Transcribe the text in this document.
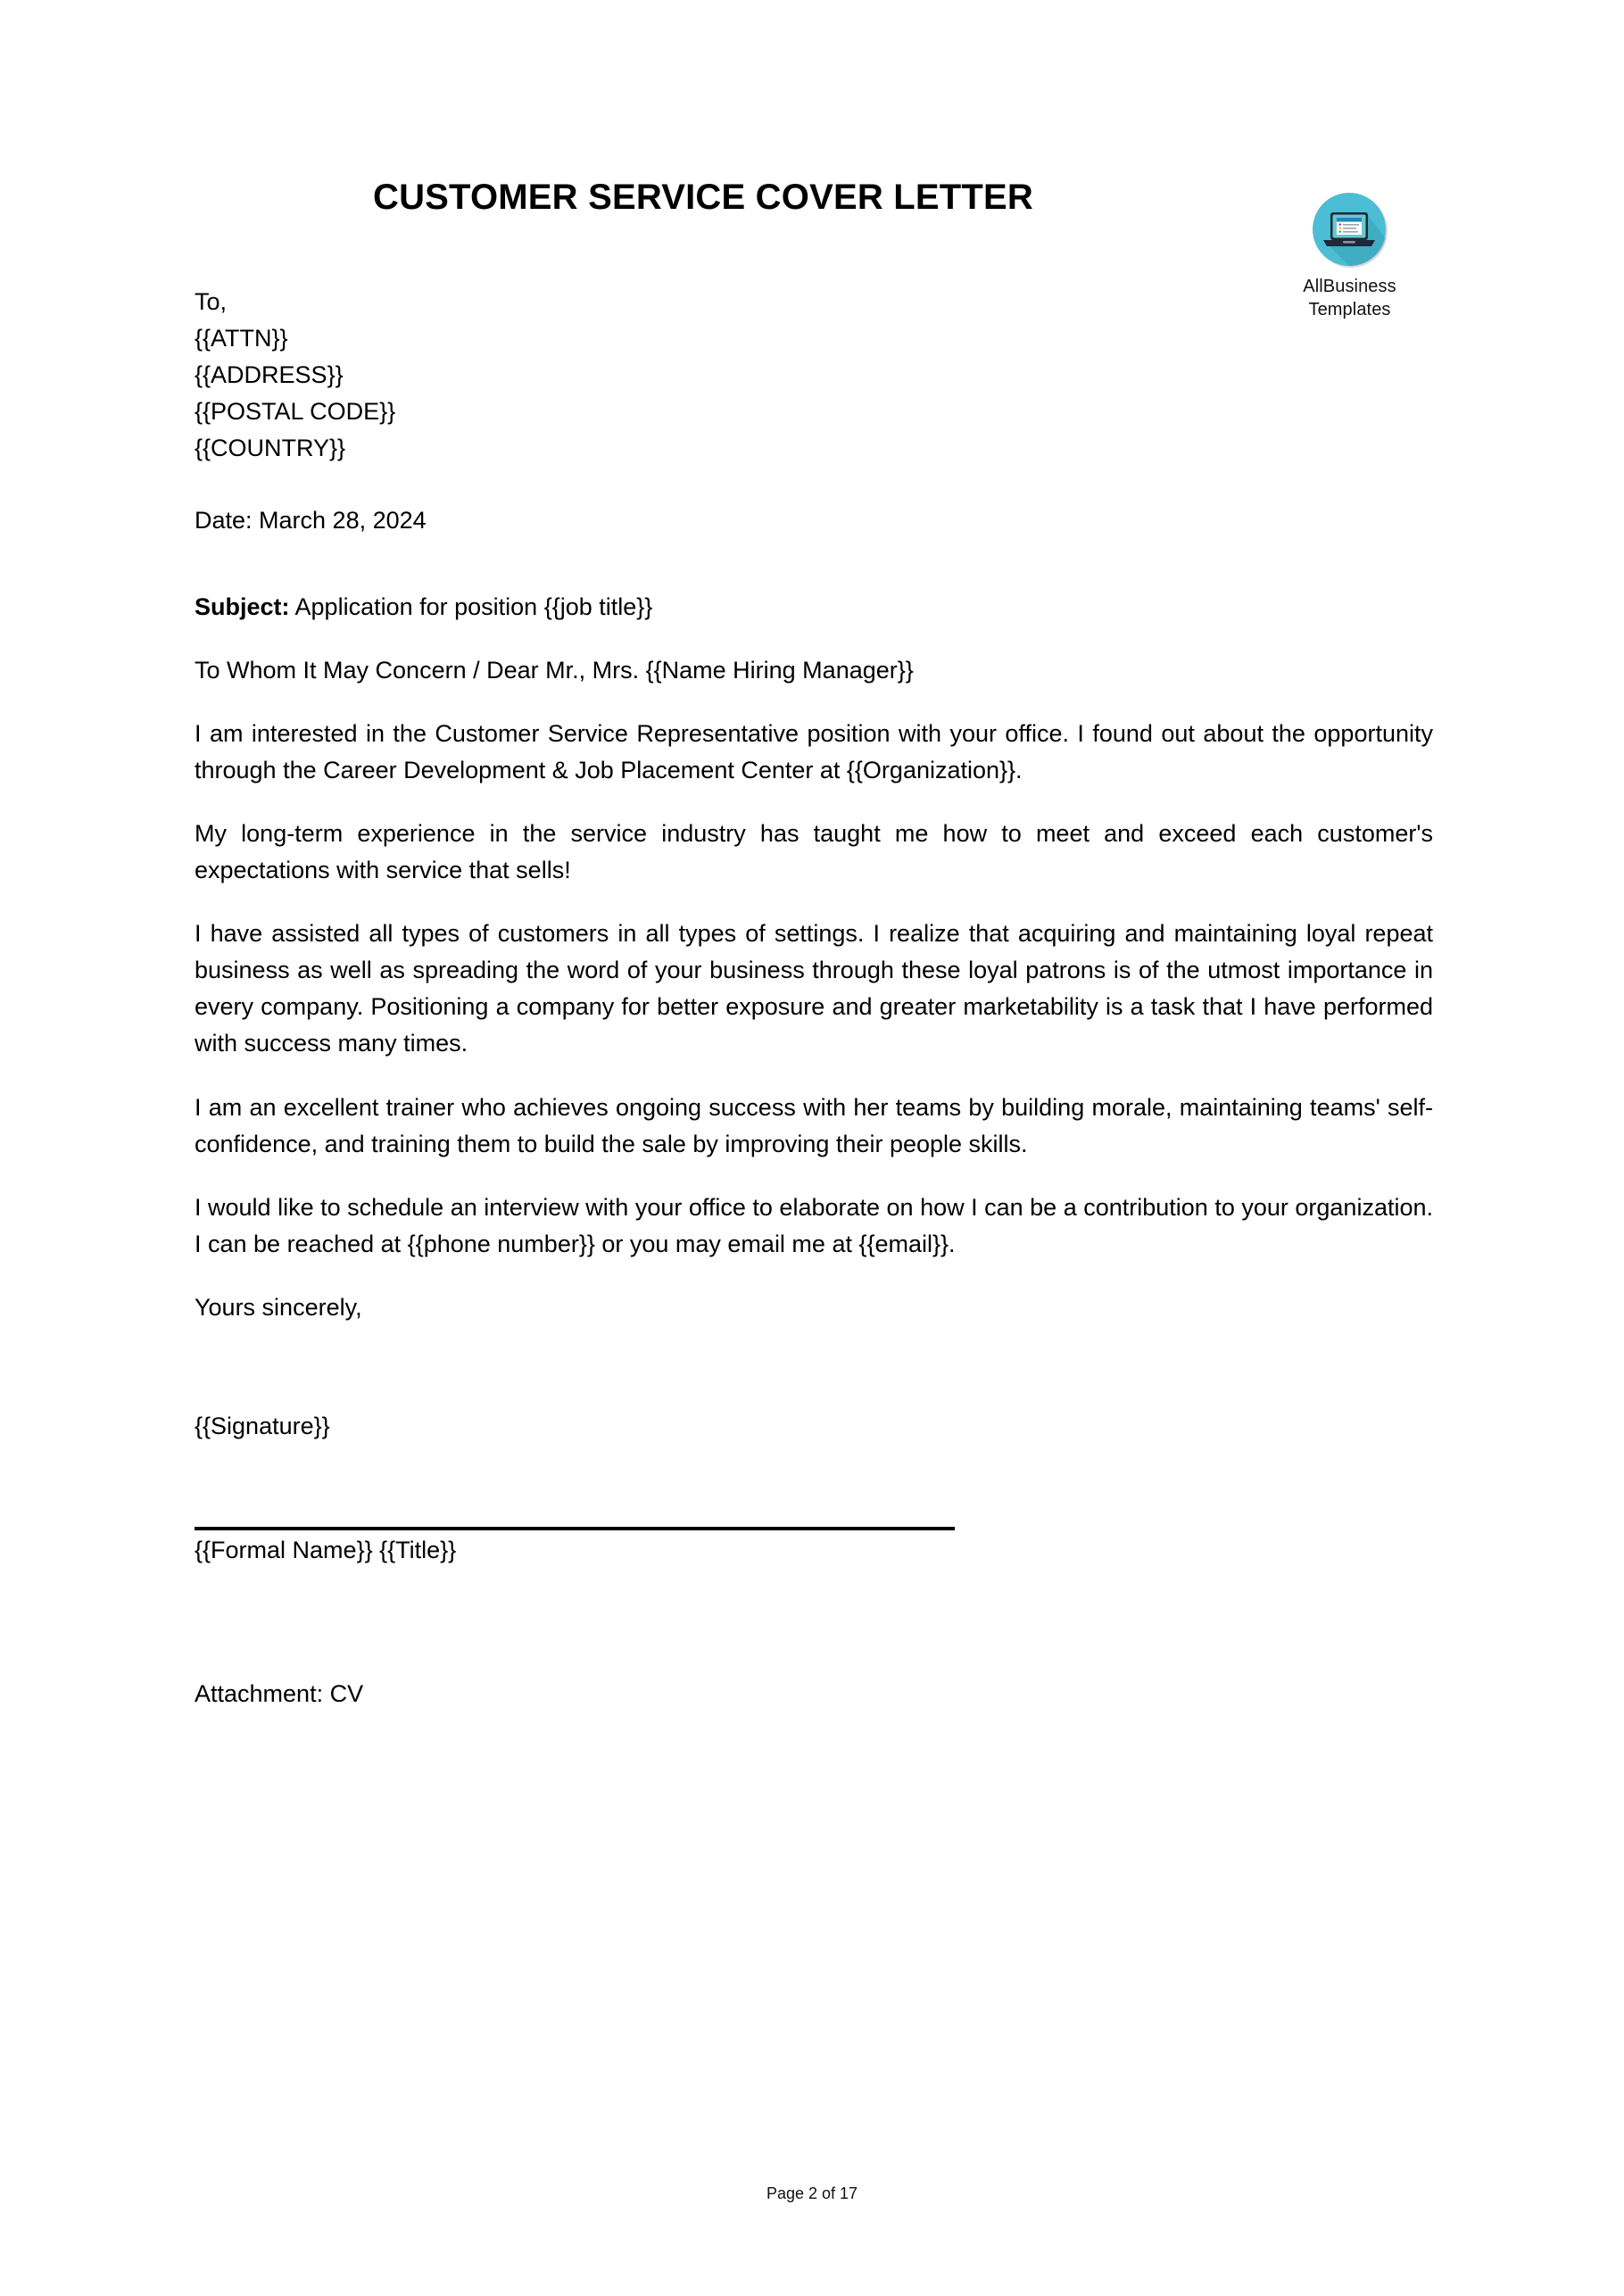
CUSTOMER SERVICE COVER LETTER
AllBusiness
Templates
To,
{{ATTN}}
{{ADDRESS}}
{{POSTAL CODE}}
{{COUNTRY}}
Date: March 28, 2024
Subject: Application for position {{job title}}
To Whom It May Concern / Dear Mr., Mrs. {{Name Hiring Manager}}
I am interested in the Customer Service Representative position with your office. I found out about the opportunity through the Career Development & Job Placement Center at {{Organization}}.
My long-term experience in the service industry has taught me how to meet and exceed each customer's expectations with service that sells!
I have assisted all types of customers in all types of settings. I realize that acquiring and maintaining loyal repeat business as well as spreading the word of your business through these loyal patrons is of the utmost importance in every company. Positioning a company for better exposure and greater marketability is a task that I have performed with success many times.
I am an excellent trainer who achieves ongoing success with her teams by building morale, maintaining teams' self-confidence, and training them to build the sale by improving their people skills.
I would like to schedule an interview with your office to elaborate on how I can be a contribution to your organization. I can be reached at {{phone number}} or you may email me at {{email}}.
Yours sincerely,
{{Signature}}
{{Formal Name}} {{Title}}
Attachment: CV
Page 2 of 17
